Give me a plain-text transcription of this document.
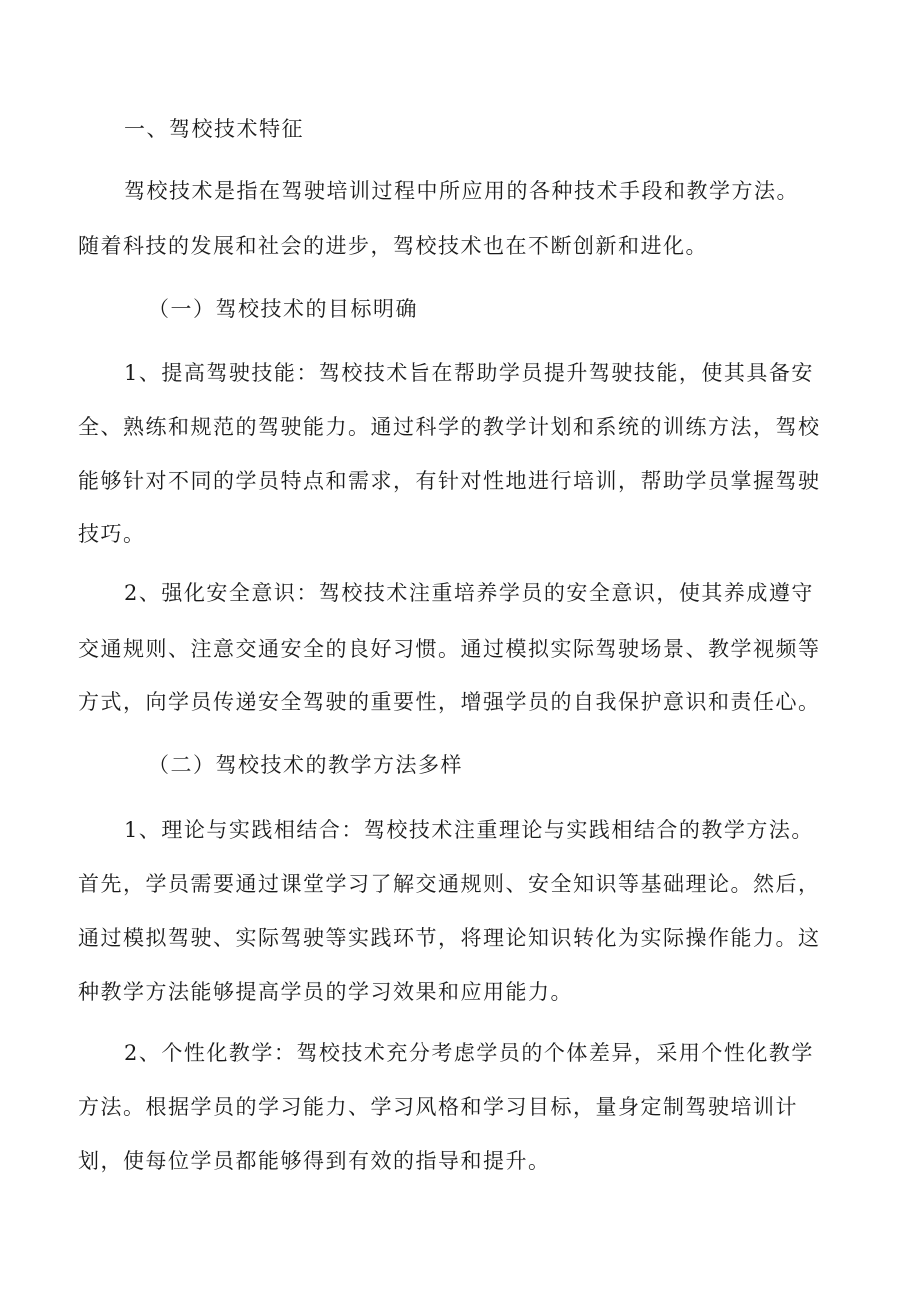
一、驾校技术特征
驾校技术是指在驾驶培训过程中所应用的各种技术手段和教学方法。
随着科技的发展和社会的进步，驾校技术也在不断创新和进化。
（一）驾校技术的目标明确
1、提高驾驶技能：驾校技术旨在帮助学员提升驾驶技能，使其具备安
全、熟练和规范的驾驶能力。通过科学的教学计划和系统的训练方法，驾校
能够针对不同的学员特点和需求，有针对性地进行培训，帮助学员掌握驾驶
技巧。
2、强化安全意识：驾校技术注重培养学员的安全意识，使其养成遵守
交通规则、注意交通安全的良好习惯。通过模拟实际驾驶场景、教学视频等
方式，向学员传递安全驾驶的重要性，增强学员的自我保护意识和责任心。
（二）驾校技术的教学方法多样
1、理论与实践相结合：驾校技术注重理论与实践相结合的教学方法。
首先，学员需要通过课堂学习了解交通规则、安全知识等基础理论。然后，
通过模拟驾驶、实际驾驶等实践环节，将理论知识转化为实际操作能力。这
种教学方法能够提高学员的学习效果和应用能力。
2、个性化教学：驾校技术充分考虑学员的个体差异，采用个性化教学
方法。根据学员的学习能力、学习风格和学习目标，量身定制驾驶培训计
划，使每位学员都能够得到有效的指导和提升。
